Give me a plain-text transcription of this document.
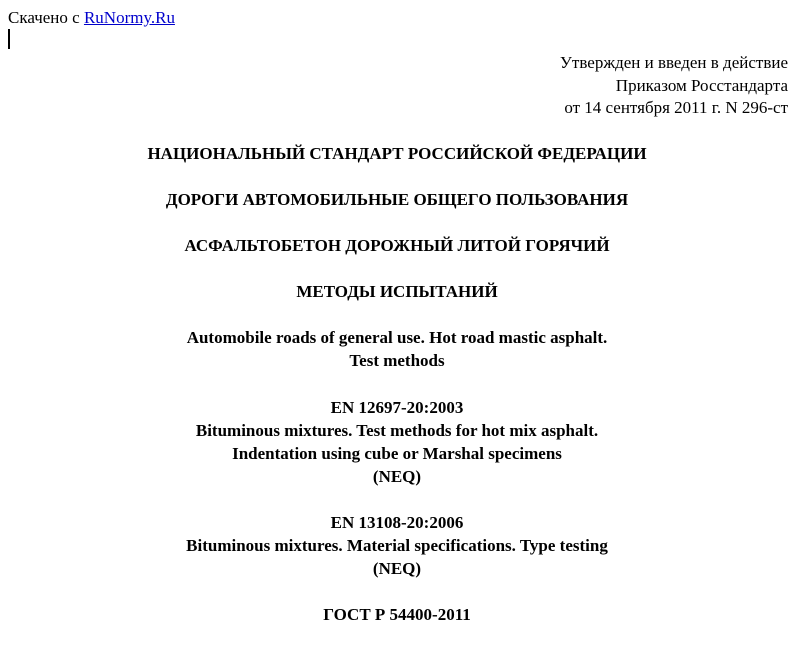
Скачено с RuNormy.Ru
Утвержден и введен в действие
Приказом Росстандарта
от 14 сентября 2011 г. N 296-ст
НАЦИОНАЛЬНЫЙ СТАНДАРТ РОССИЙСКОЙ ФЕДЕРАЦИИ
ДОРОГИ АВТОМОБИЛЬНЫЕ ОБЩЕГО ПОЛЬЗОВАНИЯ
АСФАЛЬТОБЕТОН ДОРОЖНЫЙ ЛИТОЙ ГОРЯЧИЙ
МЕТОДЫ ИСПЫТАНИЙ
Automobile roads of general use. Hot road mastic asphalt.
Test methods
EN 12697-20:2003
Bituminous mixtures. Test methods for hot mix asphalt.
Indentation using cube or Marshal specimens
(NEQ)
EN 13108-20:2006
Bituminous mixtures. Material specifications. Type testing
(NEQ)
ГОСТ Р 54400-2011
